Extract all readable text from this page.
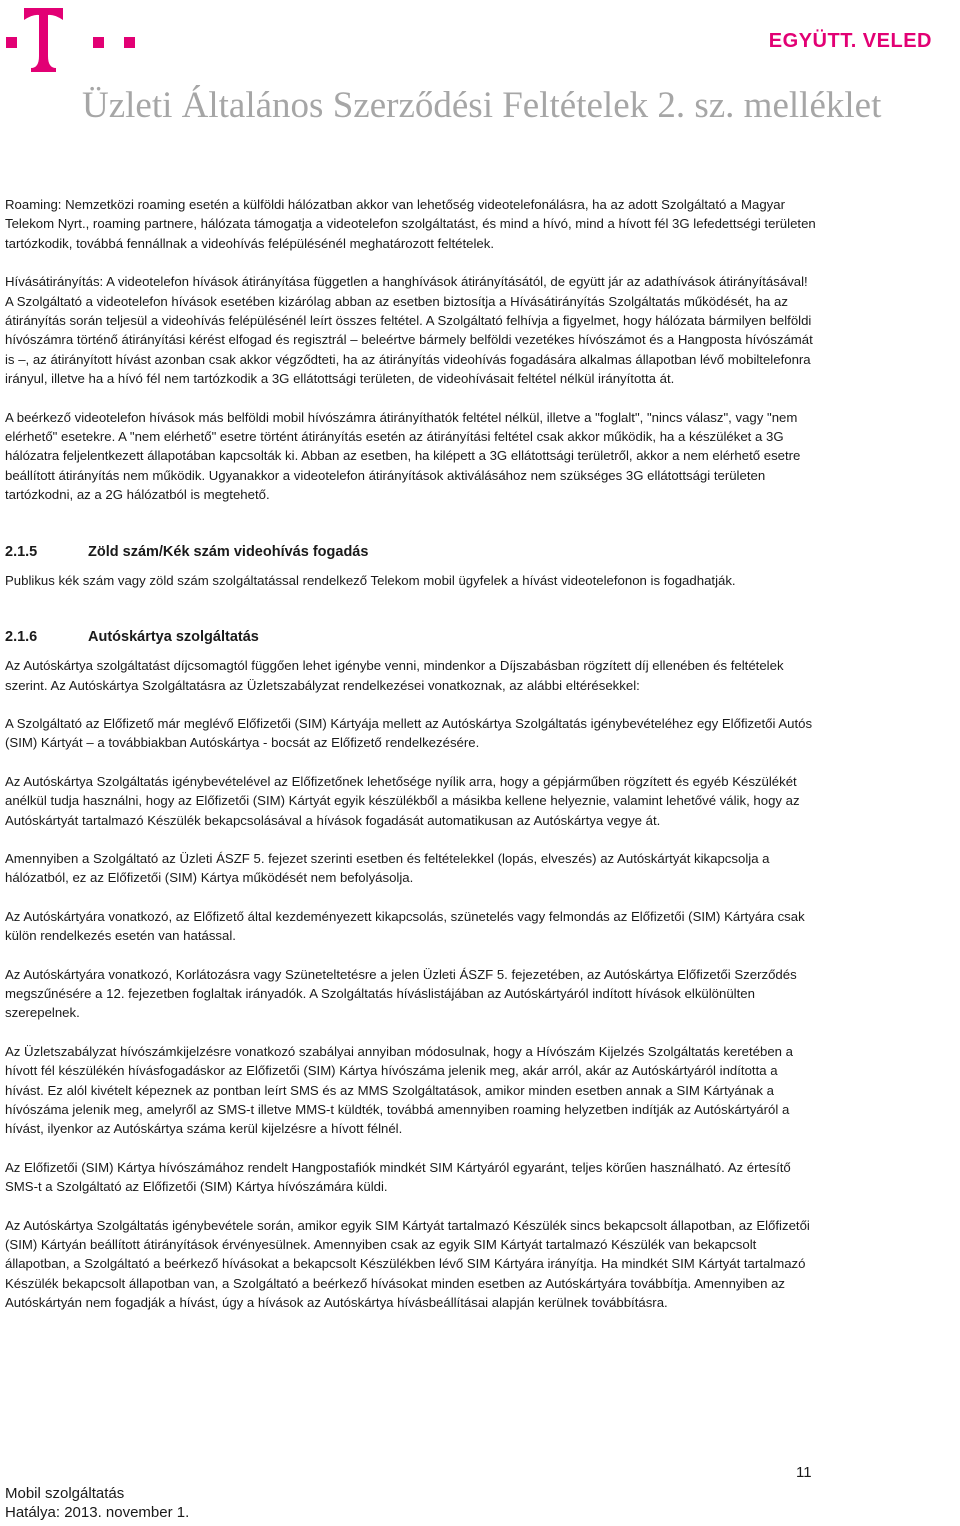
EGYÜTT. VELED
Üzleti Általános Szerződési Feltételek 2. sz. melléklet

Roaming: Nemzetközi roaming esetén a külföldi hálózatban akkor van lehetőség videotelefonálásra, ha az adott Szolgáltató a Magyar Telekom Nyrt., roaming partnere, hálózata támogatja a videotelefon szolgáltatást, és mind a hívó, mind a hívott fél 3G lefedettségi területen tartózkodik, továbbá fennállnak a videohívás felépülésénél meghatározott feltételek.

Hívásátirányítás: A videotelefon hívások átirányítása független a hanghívások átirányításától, de együtt jár az adathívások átirányításával! A Szolgáltató a videotelefon hívások esetében kizárólag abban az esetben biztosítja a Hívásátirányítás Szolgáltatás működését, ha az átirányítás során teljesül a videohívás felépülésénél leírt összes feltétel. A Szolgáltató felhívja a figyelmet, hogy hálózata bármilyen belföldi hívószámra történő átirányítási kérést elfogad és regisztrál – beleértve bármely belföldi vezetékes hívószámot és a Hangposta hívószámát is –, az átirányított hívást azonban csak akkor végződteti, ha az átirányítás videohívás fogadására alkalmas állapotban lévő mobiltelefonra irányul, illetve ha a hívó fél nem tartózkodik a 3G ellátottsági területen, de videohívásait feltétel nélkül irányította át.

A beérkező videotelefon hívások más belföldi mobil hívószámra átirányíthatók feltétel nélkül, illetve a "foglalt", "nincs válasz", vagy "nem elérhető" esetekre. A "nem elérhető" esetre történt átirányítás esetén az átirányítási feltétel csak akkor működik, ha a készüléket a 3G hálózatra feljelentkezett állapotában kapcsolták ki. Abban az esetben, ha kilépett a 3G ellátottsági területről, akkor a nem elérhető esetre beállított átirányítás nem működik. Ugyanakkor a videotelefon átirányítások aktiválásához nem szükséges 3G ellátottsági területen tartózkodni, az a 2G hálózatból is megtehető.

2.1.5	Zöld szám/Kék szám videohívás fogadás

Publikus kék szám vagy zöld szám szolgáltatással rendelkező Telekom mobil ügyfelek a hívást videotelefonon is fogadhatják.

2.1.6	Autóskártya szolgáltatás

Az Autóskártya szolgáltatást díjcsomagtól függően lehet igénybe venni, mindenkor a Díjszabásban rögzített díj ellenében és feltételek szerint. Az Autóskártya Szolgáltatásra az Üzletszabályzat rendelkezései vonatkoznak, az alábbi eltérésekkel:

A Szolgáltató az Előfizető már meglévő Előfizetői (SIM) Kártyája mellett az Autóskártya Szolgáltatás igénybevételéhez egy Előfizetői Autós (SIM) Kártyát – a továbbiakban Autóskártya - bocsát az Előfizető rendelkezésére.

Az Autóskártya Szolgáltatás igénybevételével az Előfizetőnek lehetősége nyílik arra, hogy a gépjárműben rögzített és egyéb Készülékét anélkül tudja használni, hogy az Előfizetői (SIM) Kártyát egyik készülékből a másikba kellene helyeznie, valamint lehetővé válik, hogy az Autóskártyát tartalmazó Készülék bekapcsolásával a hívások fogadását automatikusan az Autóskártya vegye át.

Amennyiben a Szolgáltató az Üzleti ÁSZF 5. fejezet szerinti esetben és feltételekkel (lopás, elveszés) az Autóskártyát kikapcsolja a hálózatból, ez az Előfizetői (SIM) Kártya működését nem befolyásolja.

Az Autóskártyára vonatkozó, az Előfizető által kezdeményezett kikapcsolás, szünetelés vagy felmondás az Előfizetői (SIM) Kártyára csak külön rendelkezés esetén van hatással.

Az Autóskártyára vonatkozó, Korlátozásra vagy Szüneteltetésre a jelen Üzleti ÁSZF 5. fejezetében, az Autóskártya Előfizetői Szerződés megszűnésére a 12. fejezetben foglaltak irányadók. A Szolgáltatás híváslistájában az Autóskártyáról indított hívások elkülönülten szerepelnek.

Az Üzletszabályzat hívószámkijelzésre vonatkozó szabályai annyiban módosulnak, hogy a Hívószám Kijelzés Szolgáltatás keretében a hívott fél készülékén hívásfogadáskor az Előfizetői (SIM) Kártya hívószáma jelenik meg, akár arról, akár az Autóskártyáról indította a hívást. Ez alól kivételt képeznek az pontban leírt SMS és az MMS Szolgáltatások, amikor minden esetben annak a SIM Kártyának a hívószáma jelenik meg, amelyről az SMS-t illetve MMS-t küldték, továbbá amennyiben roaming helyzetben indítják az Autóskártyáról a hívást, ilyenkor az Autóskártya száma kerül kijelzésre a hívott félnél.

Az Előfizetői (SIM) Kártya hívószámához rendelt Hangpostafiók mindkét SIM Kártyáról egyaránt, teljes körűen használható. Az értesítő SMS-t a Szolgáltató az Előfizetői (SIM) Kártya hívószámára küldi.

Az Autóskártya Szolgáltatás igénybevétele során, amikor egyik SIM Kártyát tartalmazó Készülék sincs bekapcsolt állapotban, az Előfizetői (SIM) Kártyán beállított átirányítások érvényesülnek. Amennyiben csak az egyik SIM Kártyát tartalmazó Készülék van bekapcsolt állapotban, a Szolgáltató a beérkező hívásokat a bekapcsolt Készülékben lévő SIM Kártyára irányítja. Ha mindkét SIM Kártyát tartalmazó Készülék bekapcsolt állapotban van, a Szolgáltató a beérkező hívásokat minden esetben az Autóskártyára továbbítja. Amennyiben az Autóskártyán nem fogadják a hívást, úgy a hívások az Autóskártya hívásbeállításai alapján kerülnek továbbításra.

Mobil szolgáltatás
Hatálya: 2013. november 1.
11
